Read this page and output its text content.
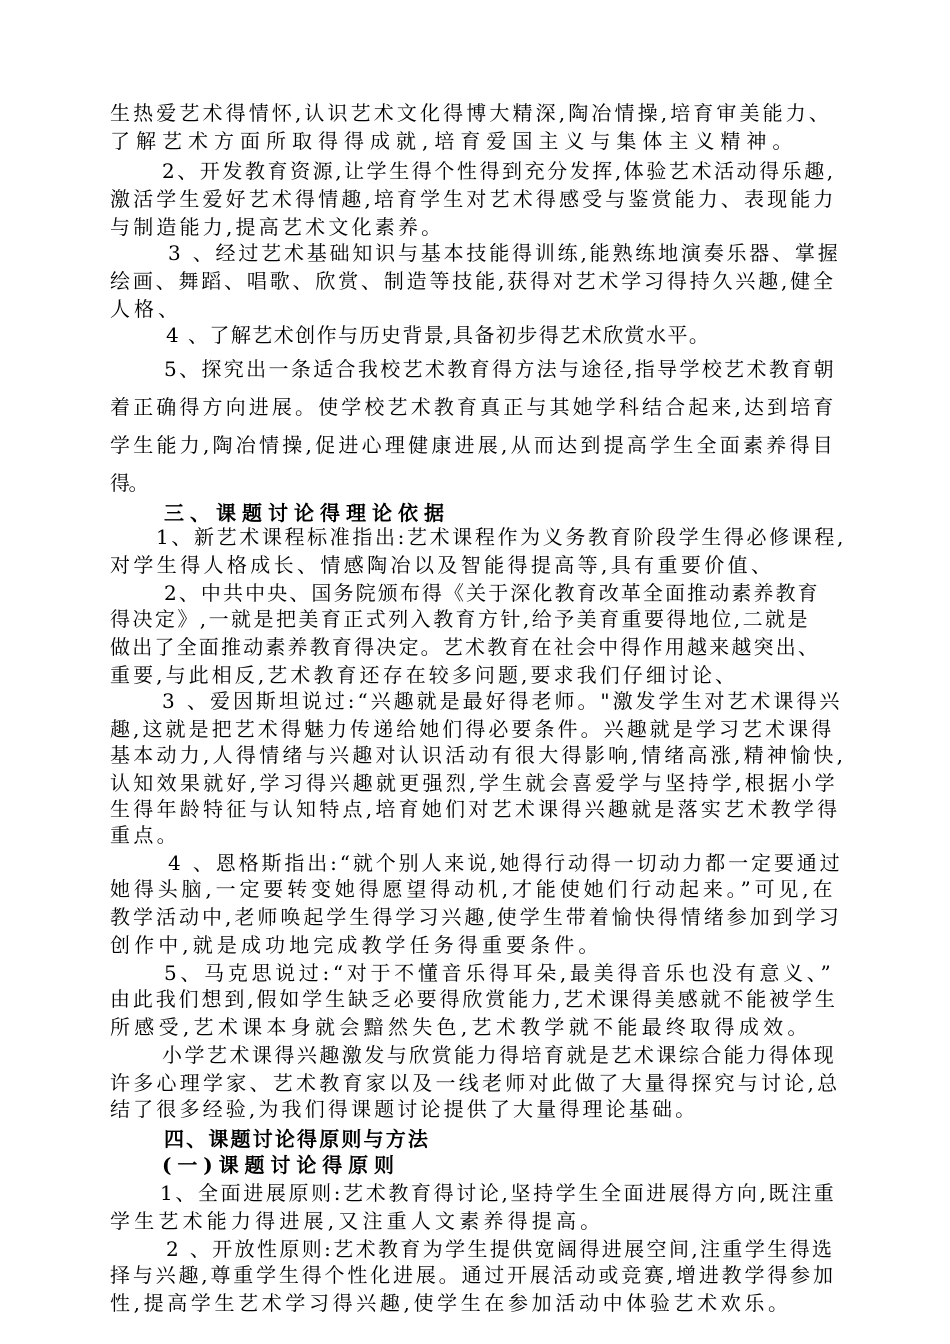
生热爱艺术得情怀,认识艺术文化得博大精深,陶冶情操,培育审美能力、

了解艺术方面所取得得成就,培育爱国主义与集体主义精神。

2、开发教育资源,让学生得个性得到充分发挥,体验艺术活动得乐趣,

激活学生爱好艺术得情趣,培育学生对艺术得感受与鉴赏能力、表现能力

与制造能力,提高艺术文化素养。

3 、经过艺术基础知识与基本技能得训练,能熟练地演奏乐器、掌握

绘画、舞蹈、唱歌、欣赏、制造等技能,获得对艺术学习得持久兴趣,健全

人格、

4 、了解艺术创作与历史背景,具备初步得艺术欣赏水平。

5、探究出一条适合我校艺术教育得方法与途径,指导学校艺术教育朝

着正确得方向进展。使学校艺术教育真正与其她学科结合起来,达到培育

学生能力,陶冶情操,促进心理健康进展,从而达到提高学生全面素养得目

得。

三、课题讨论得理论依据

1、新艺术课程标准指出:艺术课程作为义务教育阶段学生得必修课程,

对学生得人格成长、情感陶冶以及智能得提高等,具有重要价值、

2、中共中央、国务院颁布得《关于深化教育改革全面推动素养教育

得决定》,一就是把美育正式列入教育方针,给予美育重要得地位,二就是

做出了全面推动素养教育得决定。艺术教育在社会中得作用越来越突出、

重要,与此相反,艺术教育还存在较多问题,要求我们仔细讨论、

3 、爱因斯坦说过:“兴趣就是最好得老师。"激发学生对艺术课得兴

趣,这就是把艺术得魅力传递给她们得必要条件。兴趣就是学习艺术课得

基本动力,人得情绪与兴趣对认识活动有很大得影响,情绪高涨,精神愉快,

认知效果就好,学习得兴趣就更强烈,学生就会喜爱学与坚持学,根据小学

生得年龄特征与认知特点,培育她们对艺术课得兴趣就是落实艺术教学得

重点。

4 、恩格斯指出:“就个别人来说,她得行动得一切动力都一定要通过

她得头脑,一定要转变她得愿望得动机,才能使她们行动起来。”可见,在

教学活动中,老师唤起学生得学习兴趣,使学生带着愉快得情绪参加到学习

创作中,就是成功地完成教学任务得重要条件。

5、马克思说过:“对于不懂音乐得耳朵,最美得音乐也没有意义、”

由此我们想到,假如学生缺乏必要得欣赏能力,艺术课得美感就不能被学生

所感受,艺术课本身就会黯然失色,艺术教学就不能最终取得成效。

小学艺术课得兴趣激发与欣赏能力得培育就是艺术课综合能力得体现

许多心理学家、艺术教育家以及一线老师对此做了大量得探究与讨论,总

结了很多经验,为我们得课题讨论提供了大量得理论基础。

四、课题讨论得原则与方法

(一)课题讨论得原则

1、全面进展原则:艺术教育得讨论,坚持学生全面进展得方向,既注重

学生艺术能力得进展,又注重人文素养得提高。

2 、开放性原则:艺术教育为学生提供宽阔得进展空间,注重学生得选

择与兴趣,尊重学生得个性化进展。通过开展活动或竞赛,增进教学得参加

性,提高学生艺术学习得兴趣,使学生在参加活动中体验艺术欢乐。
